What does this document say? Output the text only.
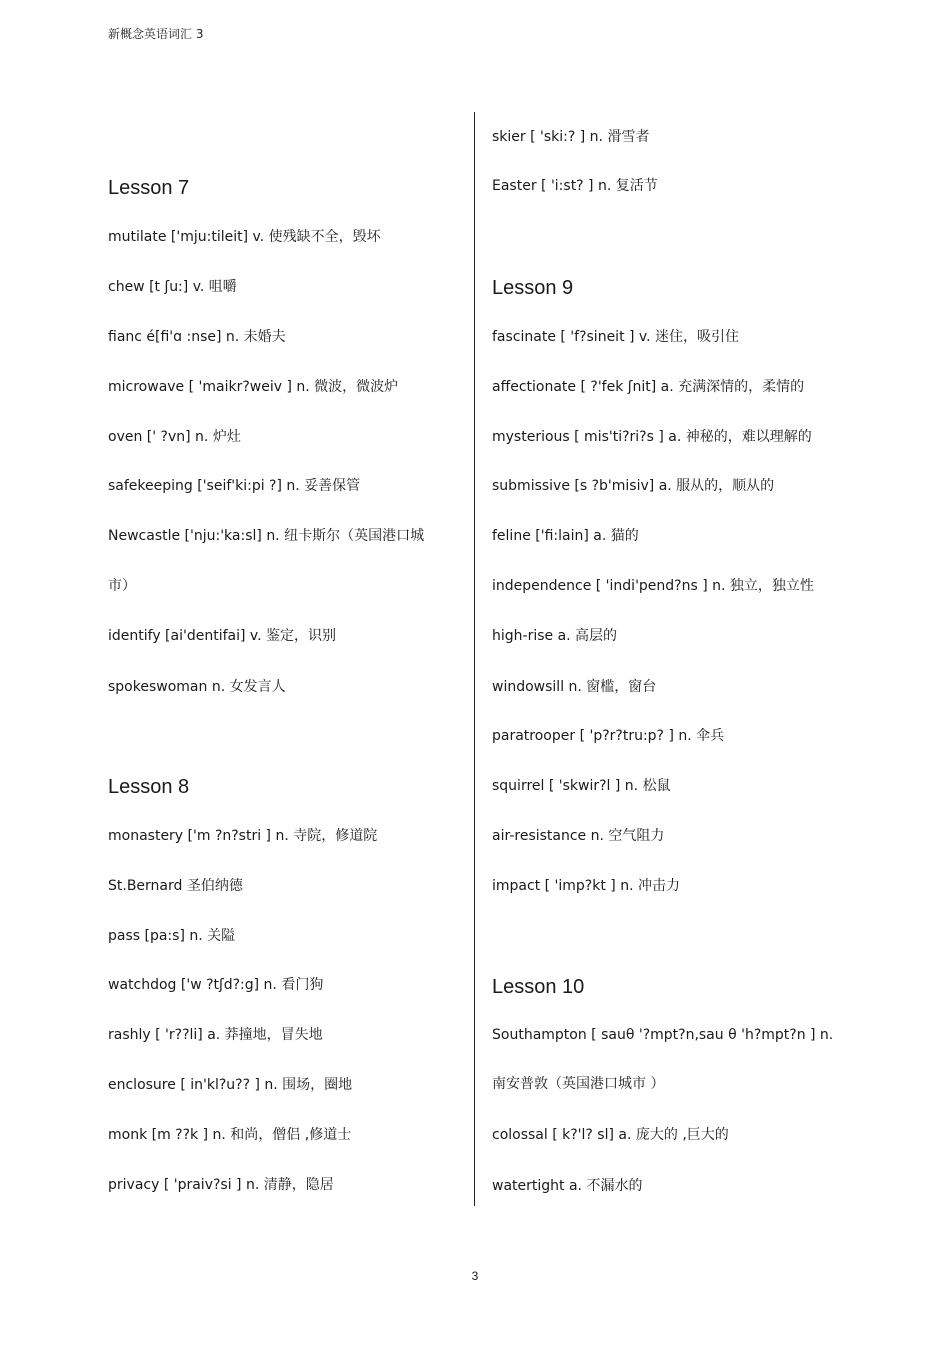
新概念英语词汇 3
Lesson 7
mutilate ['mju:tileit] v. 使残缺不全，毁坏
chew [t ʃu:] v. 咀嚼
fianc é[fi'ɑ :nse] n. 未婚夫
microwave [ 'maikr?weiv ] n. 微波，微波炉
oven [' ?vn] n. 炉灶
safekeeping ['seif'ki:pi ?] n. 妥善保管
Newcastle ['nju:'ka:sl] n. 纽卡斯尔（英国港口城
市）
identify [ai'dentifai] v. 鉴定，识别
spokeswoman n. 女发言人
Lesson 8
monastery ['m ?n?stri ] n. 寺院，修道院
St.Bernard 圣伯纳德
pass [pa:s] n. 关隘
watchdog ['w ?tʃd?:g] n. 看门狗
rashly [ 'r??li] a. 莽撞地，冒失地
enclosure [ in'kl?u?? ] n. 围场，圈地
monk [m ??k ] n. 和尚，僧侣 ,修道士
privacy [ 'praiv?si ] n. 清静，隐居
skier [ 'ski:? ] n. 滑雪者
Easter [ 'i:st? ] n. 复活节
Lesson 9
fascinate [ 'f?sineit ] v. 迷住，吸引住
affectionate [ ?'fek ʃnit] a. 充满深情的，柔情的
mysterious [ mis'ti?ri?s ] a. 神秘的，难以理解的
submissive [s ?b'misiv] a. 服从的，顺从的
feline ['fi:lain] a. 猫的
independence [ 'indi'pend?ns ] n. 独立，独立性
high-rise a. 高层的
windowsill n. 窗槛，窗台
paratrooper [ 'p?r?tru:p? ] n. 伞兵
squirrel [ 'skwir?l ] n. 松鼠
air-resistance n. 空气阻力
impact [ 'imp?kt ] n. 冲击力
Lesson 10
Southampton [ sauθ '?mpt?n,sau θ 'h?mpt?n ] n.
南安普敦（英国港口城市 ）
colossal [ k?'l? sl] a. 庞大的 ,巨大的
watertight a. 不漏水的
3
